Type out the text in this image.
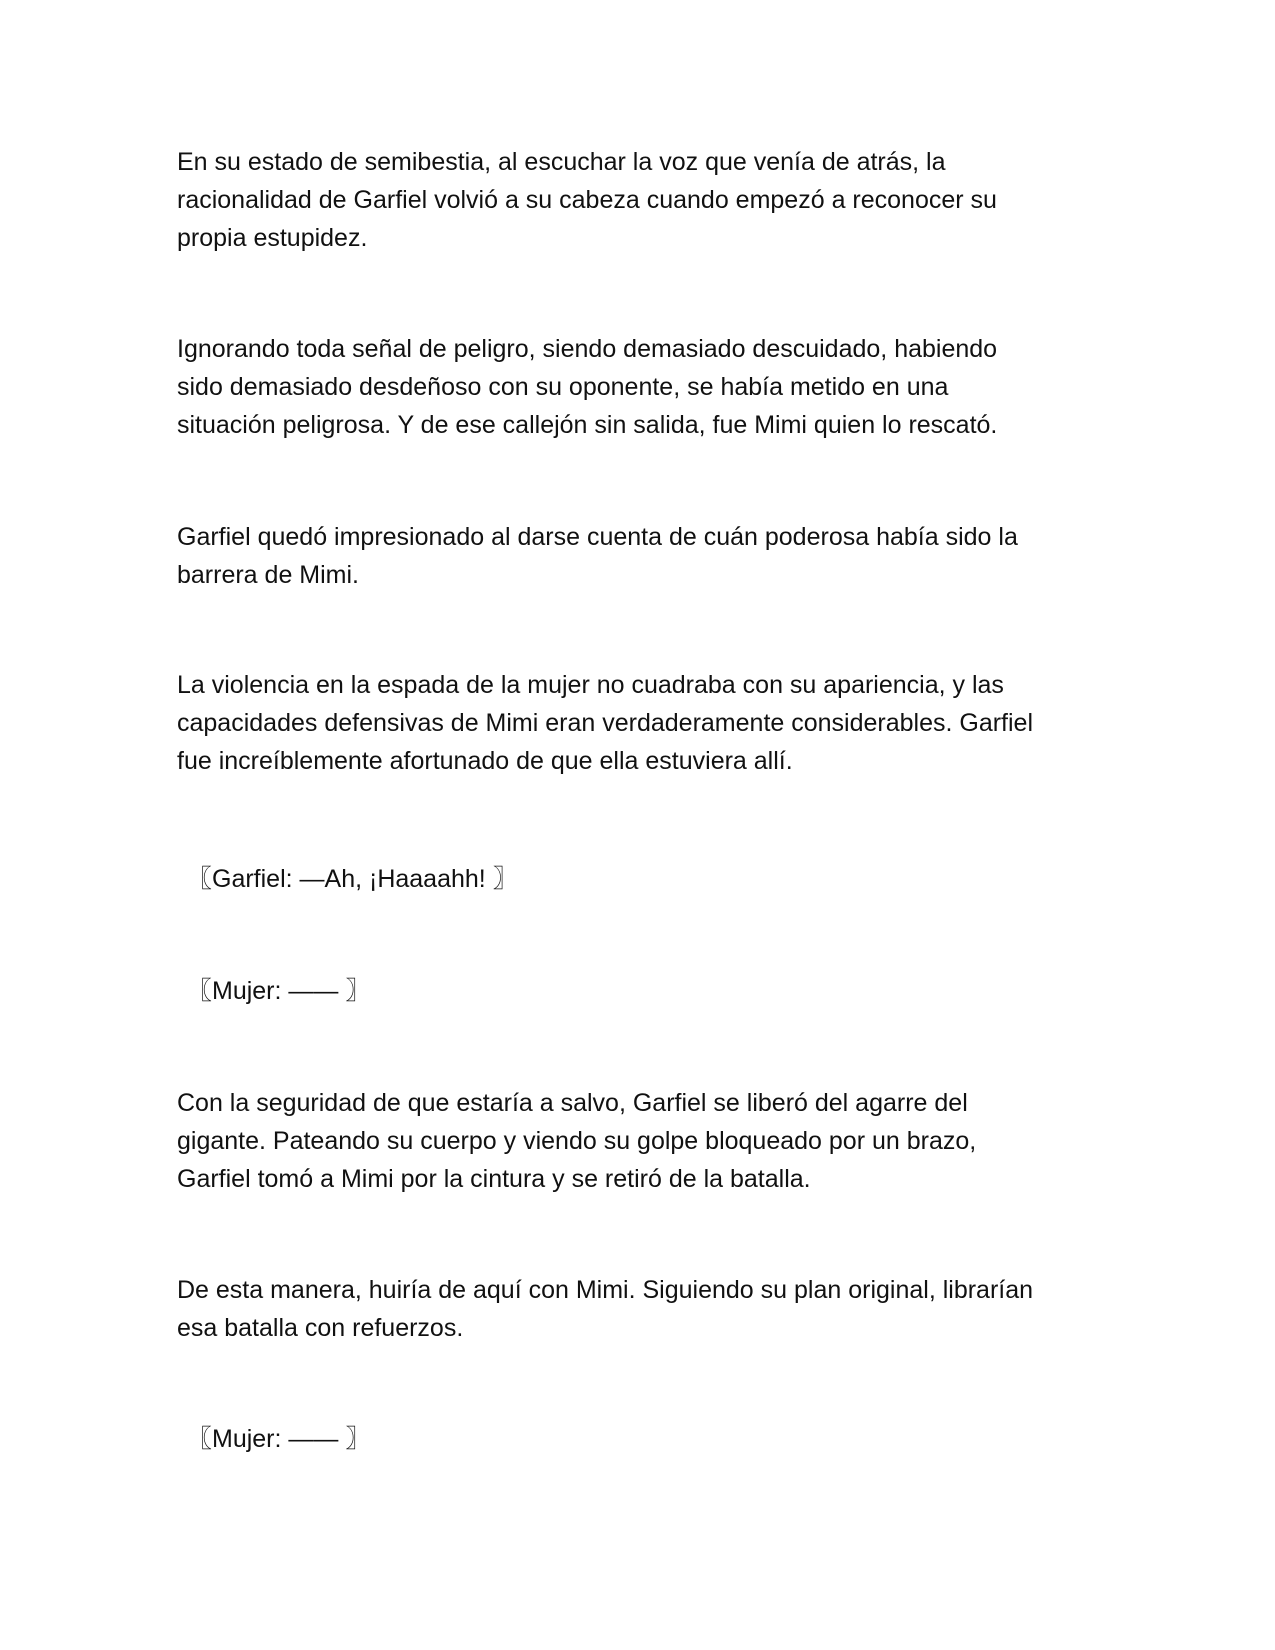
En su estado de semibestia, al escuchar la voz que venía de atrás, la
racionalidad de Garfiel volvió a su cabeza cuando empezó a reconocer su
propia estupidez.

Ignorando toda señal de peligro, siendo demasiado descuidado, habiendo
sido demasiado desdeñoso con su oponente, se había metido en una
situación peligrosa. Y de ese callejón sin salida, fue Mimi quien lo rescató.

Garfiel quedó impresionado al darse cuenta de cuán poderosa había sido la
barrera de Mimi.

La violencia en la espada de la mujer no cuadraba con su apariencia, y las
capacidades defensivas de Mimi eran verdaderamente considerables. Garfiel
fue increíblemente afortunado de que ella estuviera allí.

〖Garfiel: —Ah, ¡Haaaahh! 〗

〖Mujer: —— 〗

Con la seguridad de que estaría a salvo, Garfiel se liberó del agarre del
gigante. Pateando su cuerpo y viendo su golpe bloqueado por un brazo,
Garfiel tomó a Mimi por la cintura y se retiró de la batalla.

De esta manera, huiría de aquí con Mimi. Siguiendo su plan original, librarían
esa batalla con refuerzos.

〖Mujer: —— 〗
